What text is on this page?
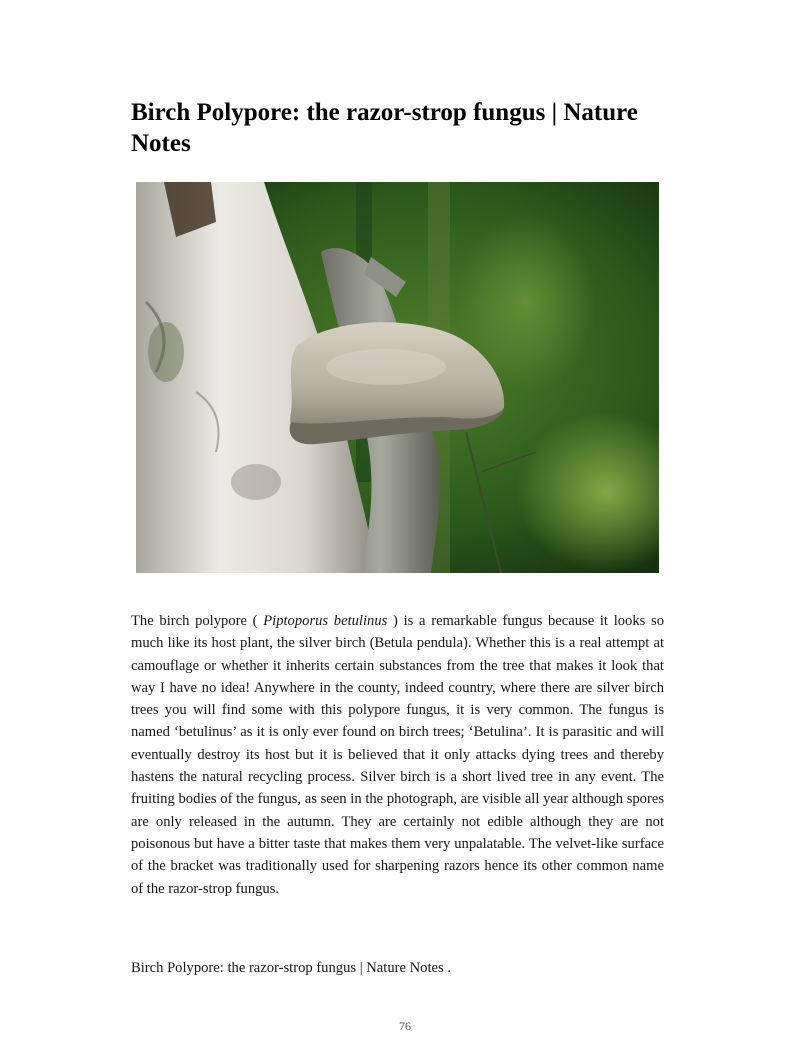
Birch Polypore: the razor-strop fungus | Nature Notes

The birch polypore ( Piptoporus betulinus ) is a remarkable fungus because it looks so much like its host plant, the silver birch (Betula pendula). Whether this is a real attempt at camouflage or whether it inherits certain substances from the tree that makes it look that way I have no idea! Anywhere in the county, indeed country, where there are silver birch trees you will find some with this polypore fungus, it is very common. The fungus is named ‘betulinus’ as it is only ever found on birch trees; ‘Betulina’. It is parasitic and will eventually destroy its host but it is believed that it only attacks dying trees and thereby hastens the natural recycling process. Silver birch is a short lived tree in any event. The fruiting bodies of the fungus, as seen in the photograph, are visible all year although spores are only released in the autumn. They are certainly not edible although they are not poisonous but have a bitter taste that makes them very unpalatable. The velvet-like surface of the bracket was traditionally used for sharpening razors hence its other common name of the razor-strop fungus.

Birch Polypore: the razor-strop fungus | Nature Notes .

76
